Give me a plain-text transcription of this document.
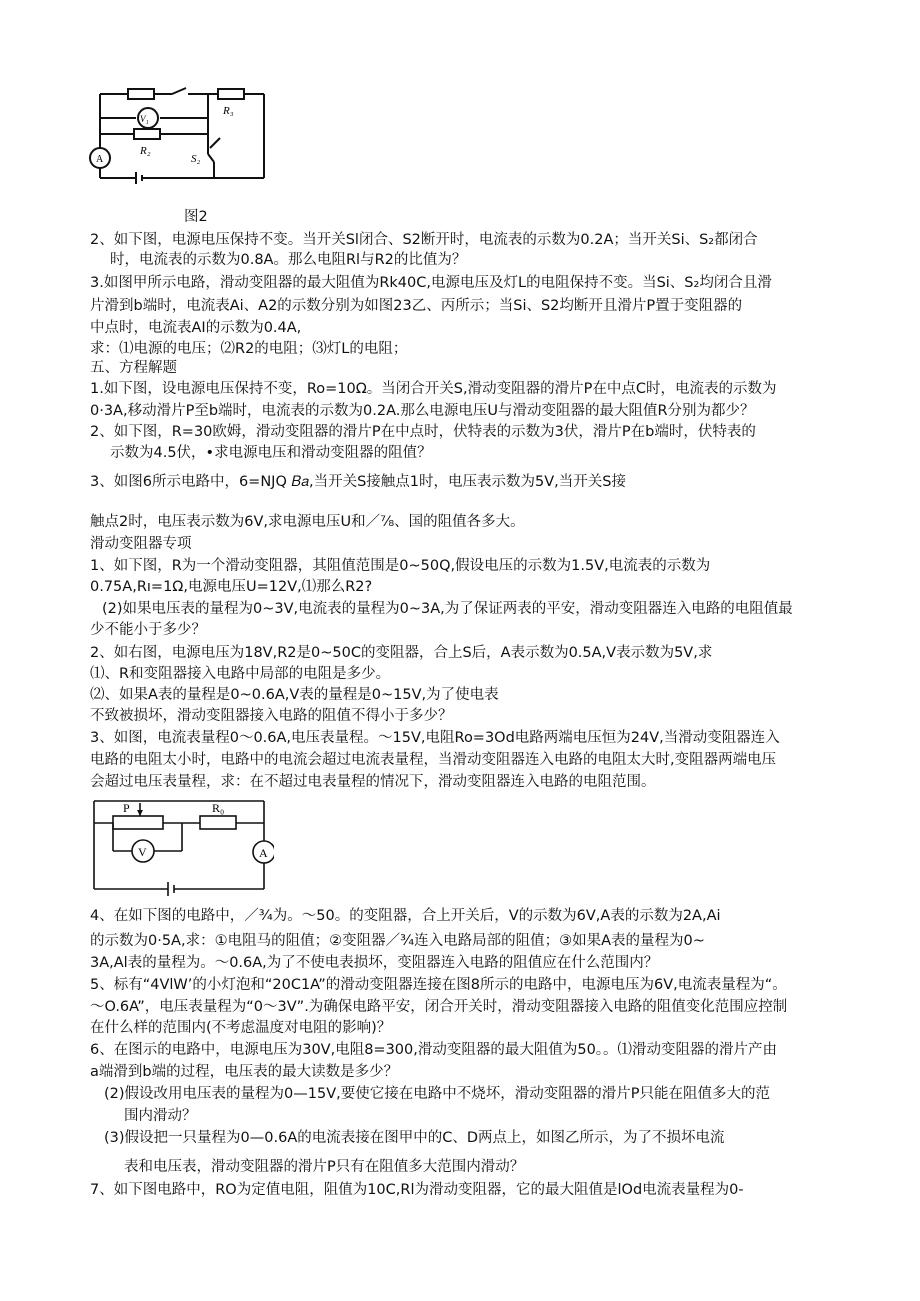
R₃
V₁
R₂
S₂
A
图2
2、如下图，电源电压保持不变。当开关Sl闭合、S2断开时，电流表的示数为0.2A；当开关Si、S₂都闭合
时，电流表的示数为0.8A。那么电阻Rl与R2的比值为？
3.如图甲所示电路，滑动变阻器的最大阻值为Rk40C,电源电压及灯L的电阻保持不变。当Si、S₂均闭合且滑
片滑到b端时，电流表Ai、A2的示数分别为如图23乙、丙所示；当Si、S2均断开且滑片P置于变阻器的
中点时，电流表AI的示数为0.4A,
求：⑴电源的电压；⑵R2的电阻；⑶灯L的电阻；
五、方程解题
1.如下图，设电源电压保持不变，Ro=10Ω。当闭合开关S,滑动变阻器的滑片P在中点C时，电流表的示数为
0·3A,移动滑片P至b端时，电流表的示数为0.2A.那么电源电压U与滑动变阻器的最大阻值R分别为都少？
2、如下图，R=30欧姆，滑动变阻器的滑片P在中点时，伏特表的示数为3伏，滑片P在b端时，伏特表的
示数为4.5伏，•求电源电压和滑动变阻器的阻值？
3、如图6所示电路中，6=NJQ 𝐵𝑎,当开关S接触点1时，电压表示数为5V,当开关S接
触点2时，电压表示数为6V,求电源电压U和／⅞、国的阻值各多大。
滑动变阻器专项
1、如下图，R为一个滑动变阻器，其阻值范围是0~50Q,假设电压的示数为1.5V,电流表的示数为
0.75A,Rı=1Ω,电源电压U=12V,⑴那么R2?
(2)如果电压表的量程为0~3V,电流表的量程为0~3A,为了保证两表的平安，滑动变阻器连入电路的电阻值最
少不能小于多少？
2、如右图，电源电压为18V,R2是0~50C的变阻器，合上S后，A表示数为0.5A,V表示数为5V,求
⑴、R和变阻器接入电路中局部的电阻是多少。
⑵、如果A表的量程是0~0.6A,V表的量程是0~15V,为了使电表
不致被损坏，滑动变阻器接入电路的阻值不得小于多少？
3、如图，电流表量程0～0.6A,电压表量程。～15V,电阻Ro=3Od电路两端电压恒为24V,当滑动变阻器连入
电路的电阻太小时，电路中的电流会超过电流表量程，当滑动变阻器连入电路的电阻太大时,变阻器两端电压
会超过电压表量程，求：在不超过电表量程的情况下，滑动变阻器连入电路的电阻范围。
P	R₀
V	A
4、在如下图的电路中，／¾为。～50。的变阻器，合上开关后，V的示数为6V,A表的示数为2A,Ai
的示数为0·5A,求：①电阻马的阻值；②变阻器／¾连入电路局部的阻值；③如果A表的量程为0~
3A,Al表的量程为。～0.6A,为了不使电表损坏，变阻器连入电路的阻值应在什么范围内？
5、标有“4VlW’的小灯泡和“20C1A”的滑动变阻器连接在图8所示的电路中，电源电压为6V,电流表量程为“。
～O.6A”，电压表量程为“0～3V”.为确保电路平安，闭合开关时，滑动变阻器接入电路的阻值变化范围应控制
在什么样的范围内(不考虑温度对电阻的影响)？
6、在图示的电路中，电源电压为30V,电阻8=300,滑动变阻器的最大阻值为50。。⑴滑动变阻器的滑片产由
a端滑到b端的过程，电压表的最大读数是多少？
(2)假设改用电压表的量程为0—15V,要使它接在电路中不烧坏，滑动变阻器的滑片P只能在阻值多大的范
围内滑动？
(3)假设把一只量程为0—0.6A的电流表接在图甲中的C、D两点上，如图乙所示，为了不损坏电流
表和电压表，滑动变阻器的滑片P只有在阻值多大范围内滑动？
7、如下图电路中，RO为定值电阻，阻值为10C,Rl为滑动变阻器，它的最大阻值是lOd电流表量程为0-
